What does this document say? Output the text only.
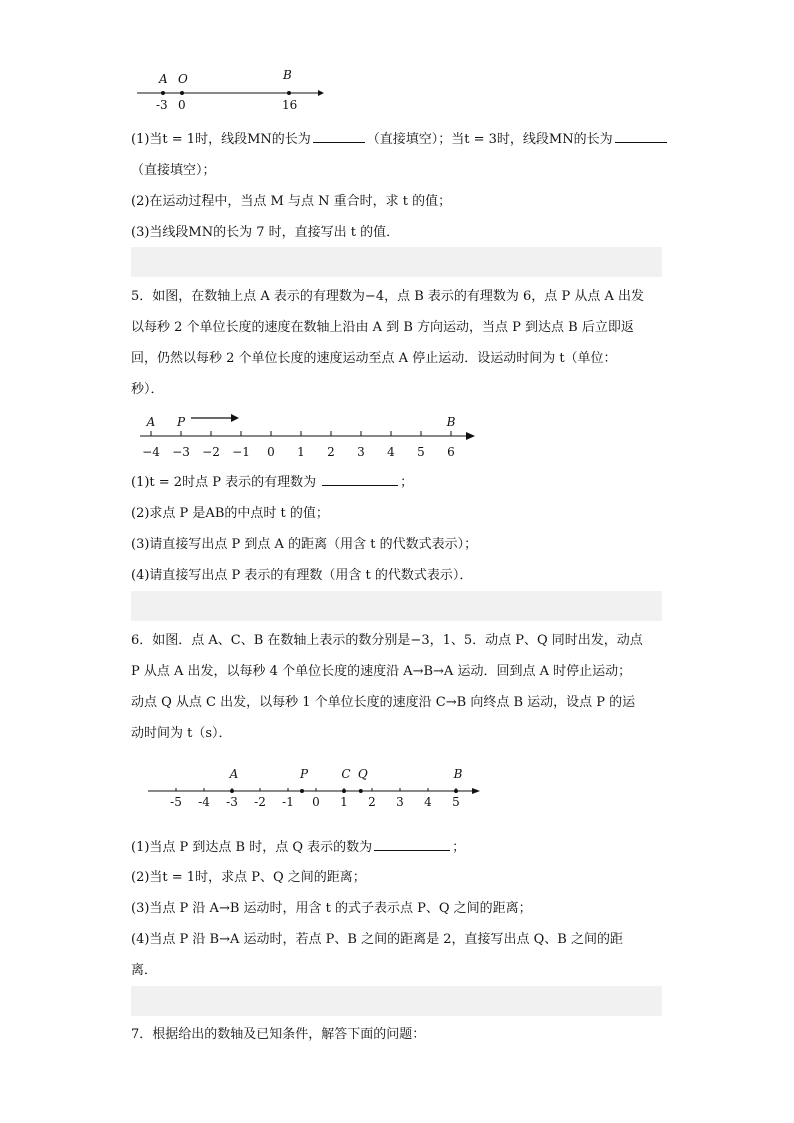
A O	B
-3 0	16
(1)当t = 1时，线段MN的长为	（直接填空）；当t = 3时，线段MN的长为
（直接填空）；
(2)在运动过程中，当点 M 与点 N 重合时，求 t 的值；
(3)当线段MN的长为 7 时，直接写出 t 的值．
5．如图，在数轴上点 A 表示的有理数为−4，点 B 表示的有理数为 6，点 P 从点 A 出发
以每秒 2 个单位长度的速度在数轴上沿由 A 到 B 方向运动，当点 P 到达点 B 后立即返
回，仍然以每秒 2 个单位长度的速度运动至点 A 停止运动．设运动时间为 t（单位：
秒）．
−4 −3 −2 −1 0 1 2 3 4 5 6
A P	B
(1)t = 2时点 P 表示的有理数为	；
(2)求点 P 是AB的中点时 t 的值；
(3)请直接写出点 P 到点 A 的距离（用含 t 的代数式表示）；
(4)请直接写出点 P 表示的有理数（用含 t 的代数式表示）．
6．如图．点 A、C、B 在数轴上表示的数分别是−3，1、5．动点 P、Q 同时出发，动点
P 从点 A 出发，以每秒 4 个单位长度的速度沿 A→B→A 运动．回到点 A 时停止运动；
动点 Q 从点 C 出发，以每秒 1 个单位长度的速度沿 C→B 向终点 B 运动，设点 P 的运
动时间为 t（s）．
-5 -4 -3 -2 -1 0 1 2 3 4 5
A	P	C Q	B
(1)当点 P 到达点 B 时，点 Q 表示的数为	；
(2)当t = 1时，求点 P、Q 之间的距离；
(3)当点 P 沿 A→B 运动时，用含 t 的式子表示点 P、Q 之间的距离；
(4)当点 P 沿 B→A 运动时，若点 P、B 之间的距离是 2，直接写出点 Q、B 之间的距
离．
7．根据给出的数轴及已知条件，解答下面的问题：
